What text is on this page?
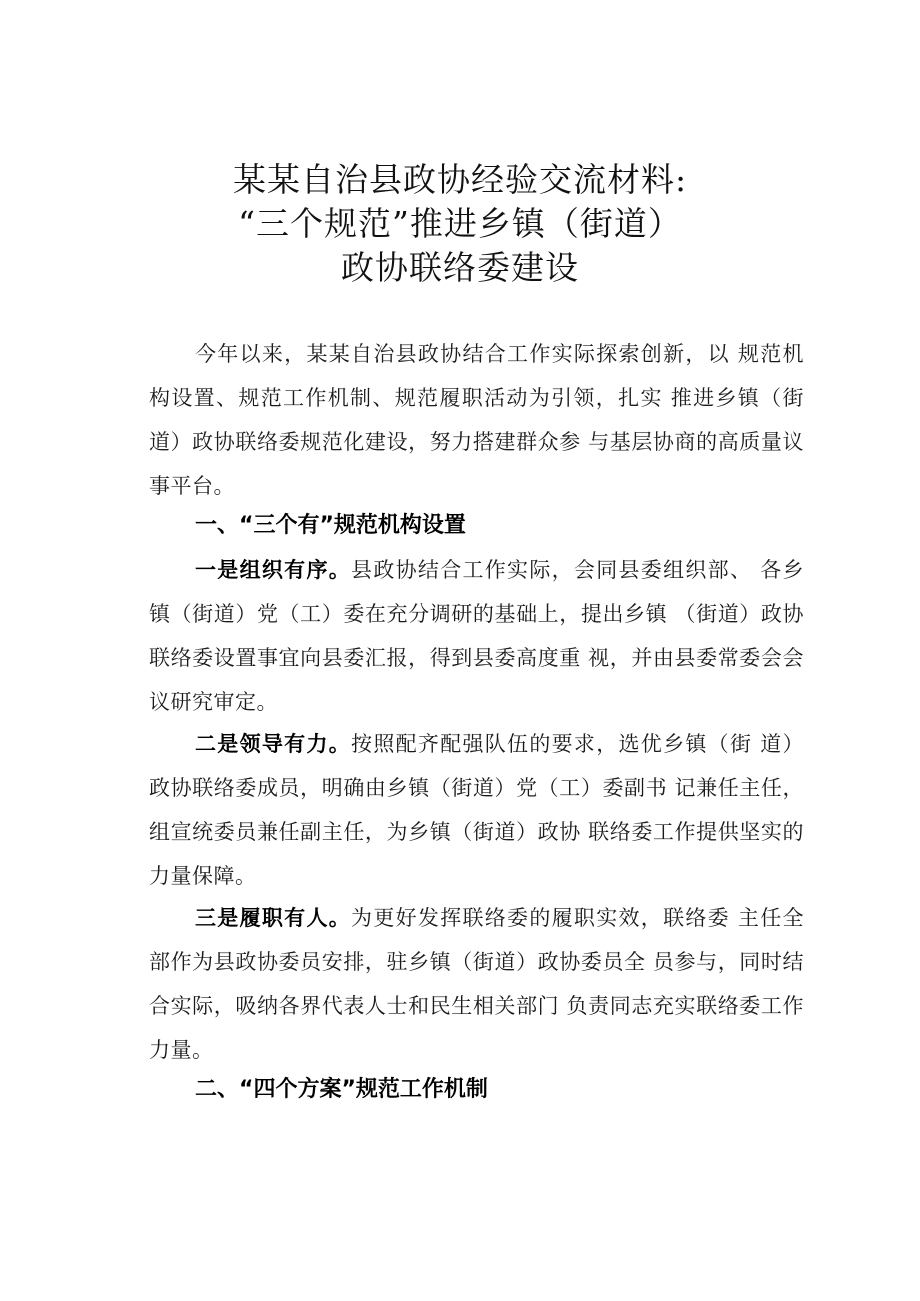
某某自治县政协经验交流材料:
“三个规范”推进乡镇（街道）
政协联络委建设

今年以来，某某自治县政协结合工作实际探索创新，以 规范机构设置、规范工作机制、规范履职活动为引领，扎实 推进乡镇（街道）政协联络委规范化建设，努力搭建群众参 与基层协商的高质量议事平台。

一、“三个有”规范机构设置

一是组织有序。县政协结合工作实际，会同县委组织部、 各乡镇（街道）党（工）委在充分调研的基础上，提出乡镇 （街道）政协联络委设置事宜向县委汇报，得到县委高度重 视，并由县委常委会会议研究审定。

二是领导有力。按照配齐配强队伍的要求，选优乡镇（街 道）政协联络委成员，明确由乡镇（街道）党（工）委副书 记兼任主任，组宣统委员兼任副主任，为乡镇（街道）政协 联络委工作提供坚实的力量保障。

三是履职有人。为更好发挥联络委的履职实效，联络委 主任全部作为县政协委员安排，驻乡镇（街道）政协委员全 员参与，同时结合实际，吸纳各界代表人士和民生相关部门 负责同志充实联络委工作力量。

二、“四个方案”规范工作机制
